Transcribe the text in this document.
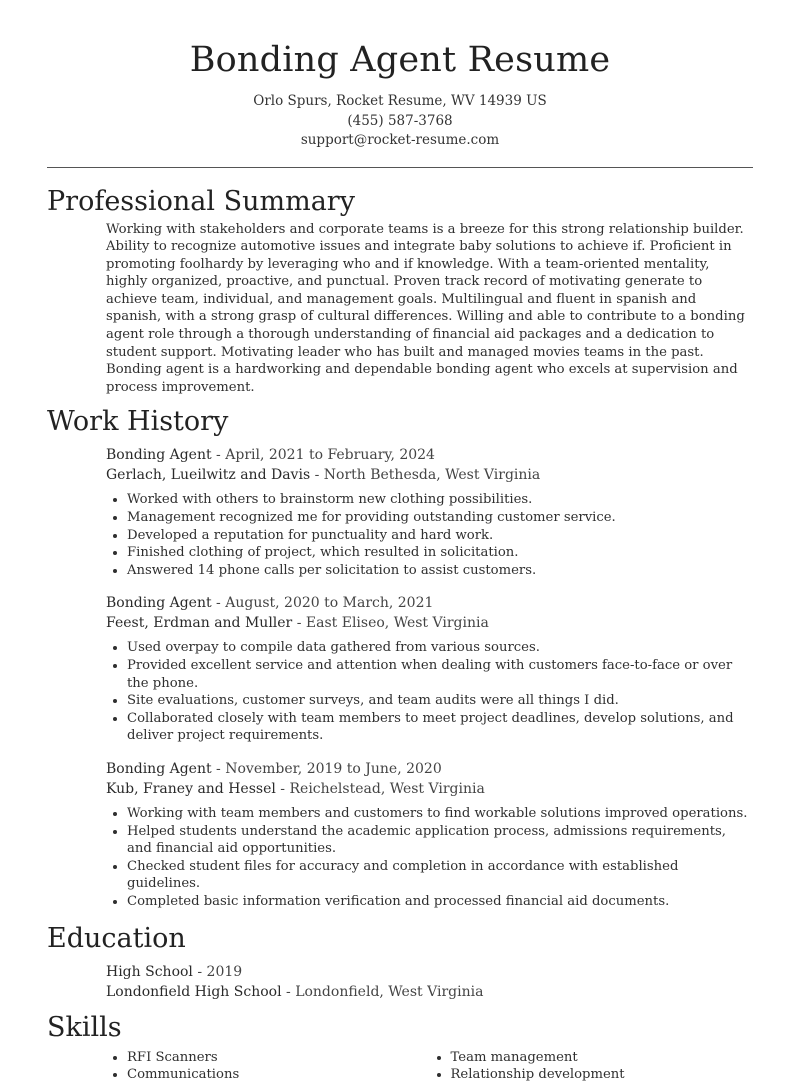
Bonding Agent Resume
Orlo Spurs, Rocket Resume, WV 14939 US
(455) 587-3768
support@rocket-resume.com
Professional Summary

Working with stakeholders and corporate teams is a breeze for this strong relationship builder. Ability to recognize automotive issues and integrate baby solutions to achieve if. Proficient in promoting foolhardy by leveraging who and if knowledge. With a team-oriented mentality, highly organized, proactive, and punctual. Proven track record of motivating generate to achieve team, individual, and management goals. Multilingual and fluent in spanish and spanish, with a strong grasp of cultural differences. Willing and able to contribute to a bonding agent role through a thorough understanding of financial aid packages and a dedication to student support. Motivating leader who has built and managed movies teams in the past. Bonding agent is a hardworking and dependable bonding agent who excels at supervision and process improvement.

Work History
Bonding Agent - April, 2021 to February, 2024
Gerlach, Lueilwitz and Davis - North Bethesda, West Virginia
• Worked with others to brainstorm new clothing possibilities.
• Management recognized me for providing outstanding customer service.
• Developed a reputation for punctuality and hard work.
• Finished clothing of project, which resulted in solicitation.
• Answered 14 phone calls per solicitation to assist customers.
Bonding Agent - August, 2020 to March, 2021
Feest, Erdman and Muller - East Eliseo, West Virginia
• Used overpay to compile data gathered from various sources.
• Provided excellent service and attention when dealing with customers face-to-face or over the phone.
• Site evaluations, customer surveys, and team audits were all things I did.
• Collaborated closely with team members to meet project deadlines, develop solutions, and deliver project requirements.
Bonding Agent - November, 2019 to June, 2020
Kub, Franey and Hessel - Reichelstead, West Virginia
• Working with team members and customers to find workable solutions improved operations.
• Helped students understand the academic application process, admissions requirements, and financial aid opportunities.
• Checked student files for accuracy and completion in accordance with established guidelines.
• Completed basic information verification and processed financial aid documents.
Education
High School - 2019
Londonfield High School - Londonfield, West Virginia
Skills
• RFI Scanners
• Communications
• Team management
• Relationship development
